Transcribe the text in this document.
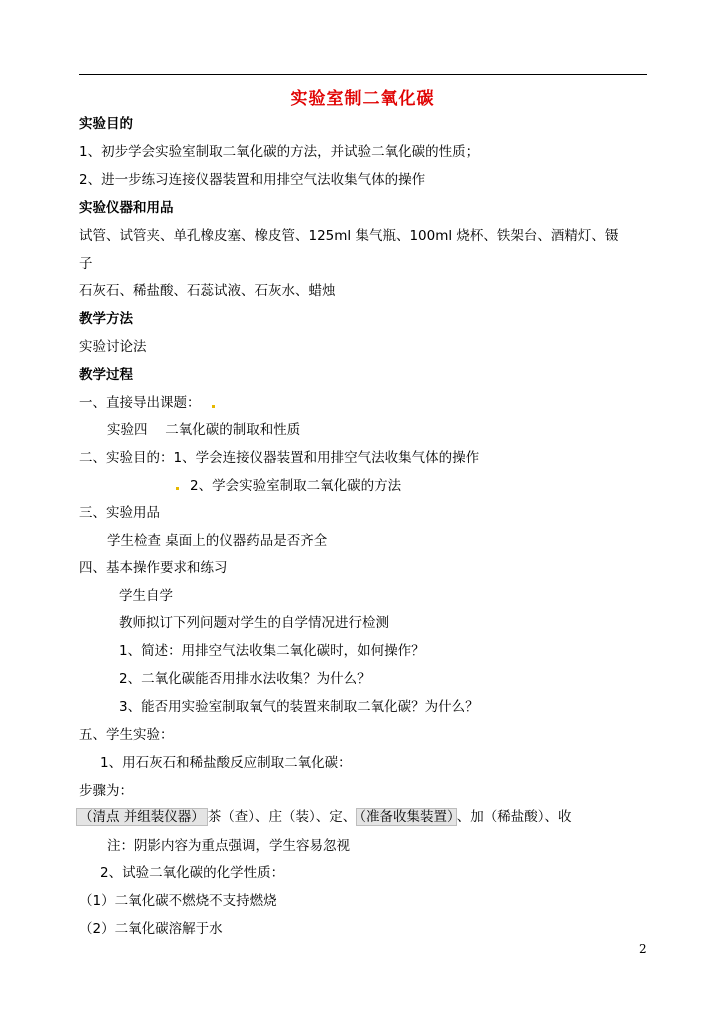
实验室制二氧化碳
实验目的
1、初步学会实验室制取二氧化碳的方法，并试验二氧化碳的性质；
2、进一步练习连接仪器装置和用排空气法收集气体的操作
实验仪器和用品
试管、试管夹、单孔橡皮塞、橡皮管、125ml 集气瓶、100ml 烧杯、铁架台、酒精灯、镊
子
石灰石、稀盐酸、石蕊试液、石灰水、蜡烛
教学方法
实验讨论法
教学过程
一、直接导出课题：
实验四　 二氧化碳的制取和性质
二、实验目的：1、学会连接仪器装置和用排空气法收集气体的操作
2、学会实验室制取二氧化碳的方法
三、实验用品
学生检查 桌面上的仪器药品是否齐全
四、基本操作要求和练习
学生自学
教师拟订下列问题对学生的自学情况进行检测
1、简述：用排空气法收集二氧化碳时，如何操作？
2、二氧化碳能否用排水法收集？为什么？
3、能否用实验室制取氧气的装置来制取二氧化碳？为什么？
五、学生实验：
1、用石灰石和稀盐酸反应制取二氧化碳：
步骤为：
（清点 并组装仪器） 茶（查）、庄（装）、定、 （准备收集装置） 、加（稀盐酸）、收
注：阴影内容为重点强调，学生容易忽视
2、试验二氧化碳的化学性质：
（1）二氧化碳不燃烧不支持燃烧
（2）二氧化碳溶解于水
2
